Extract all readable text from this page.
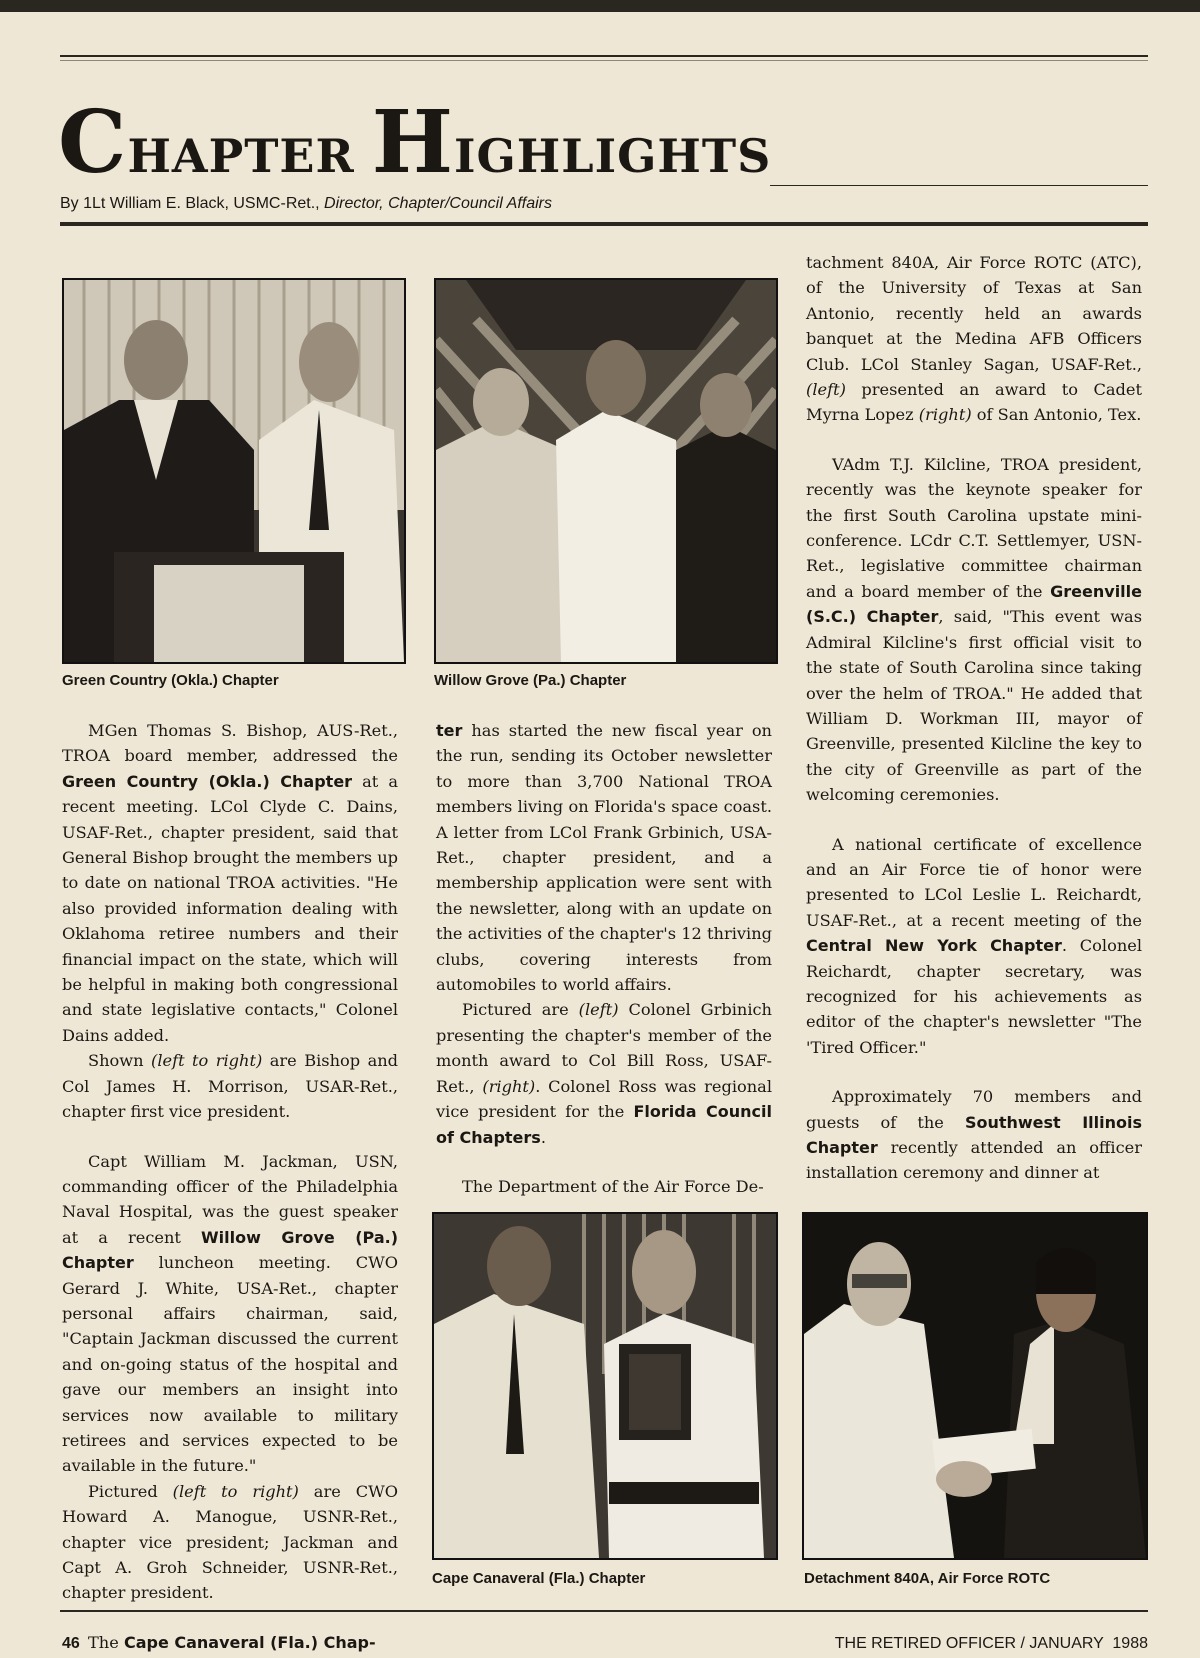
CHAPTER HIGHLIGHTS
By 1Lt William E. Black, USMC-Ret., Director, Chapter/Council Affairs
Green Country (Okla.) Chapter	Willow Grove (Pa.) Chapter

MGen Thomas S. Bishop, AUS-Ret., TROA board member, addressed the Green Country (Okla.) Chapter at a recent meeting. LCol Clyde C. Dains, USAF-Ret., chapter president, said that General Bishop brought the members up to date on national TROA activities. "He also provided information dealing with Oklahoma retiree numbers and their financial impact on the state, which will be helpful in making both congressional and state legislative contacts," Colonel Dains added.

Shown (left to right) are Bishop and Col James H. Morrison, USAR-Ret., chapter first vice president.

Capt William M. Jackman, USN, commanding officer of the Philadelphia Naval Hospital, was the guest speaker at a recent Willow Grove (Pa.) Chapter luncheon meeting. CWO Gerard J. White, USA-Ret., chapter personal affairs chairman, said, "Captain Jackman discussed the current and on-going status of the hospital and gave our members an insight into services now available to military retirees and services expected to be available in the future."

Pictured (left to right) are CWO Howard A. Manogue, USNR-Ret., chapter vice president; Jackman and Capt A. Groh Schneider, USNR-Ret., chapter president.

The Cape Canaveral (Fla.) Chap-

ter has started the new fiscal year on the run, sending its October newsletter to more than 3,700 National TROA members living on Florida's space coast. A letter from LCol Frank Grbinich, USA-Ret., chapter president, and a membership application were sent with the newsletter, along with an update on the activities of the chapter's 12 thriving clubs, covering interests from automobiles to world affairs.

Pictured are (left) Colonel Grbinich presenting the chapter's member of the month award to Col Bill Ross, USAF-Ret., (right). Colonel Ross was regional vice president for the Florida Council of Chapters.

The Department of the Air Force De-

tachment 840A, Air Force ROTC (ATC), of the University of Texas at San Antonio, recently held an awards banquet at the Medina AFB Officers Club. LCol Stanley Sagan, USAF-Ret., (left) presented an award to Cadet Myrna Lopez (right) of San Antonio, Tex.

VAdm T.J. Kilcline, TROA president, recently was the keynote speaker for the first South Carolina upstate mini-conference. LCdr C.T. Settlemyer, USN-Ret., legislative committee chairman and a board member of the Greenville (S.C.) Chapter, said, "This event was Admiral Kilcline's first official visit to the state of South Carolina since taking over the helm of TROA." He added that William D. Workman III, mayor of Greenville, presented Kilcline the key to the city of Greenville as part of the welcoming ceremonies.

A national certificate of excellence and an Air Force tie of honor were presented to LCol Leslie L. Reichardt, USAF-Ret., at a recent meeting of the Central New York Chapter. Colonel Reichardt, chapter secretary, was recognized for his achievements as editor of the chapter's newsletter "The 'Tired Officer."

Approximately 70 members and guests of the Southwest Illinois Chapter recently attended an officer installation ceremony and dinner at

Cape Canaveral (Fla.) Chapter	Detachment 840A, Air Force ROTC
46	THE RETIRED OFFICER / JANUARY  1988
